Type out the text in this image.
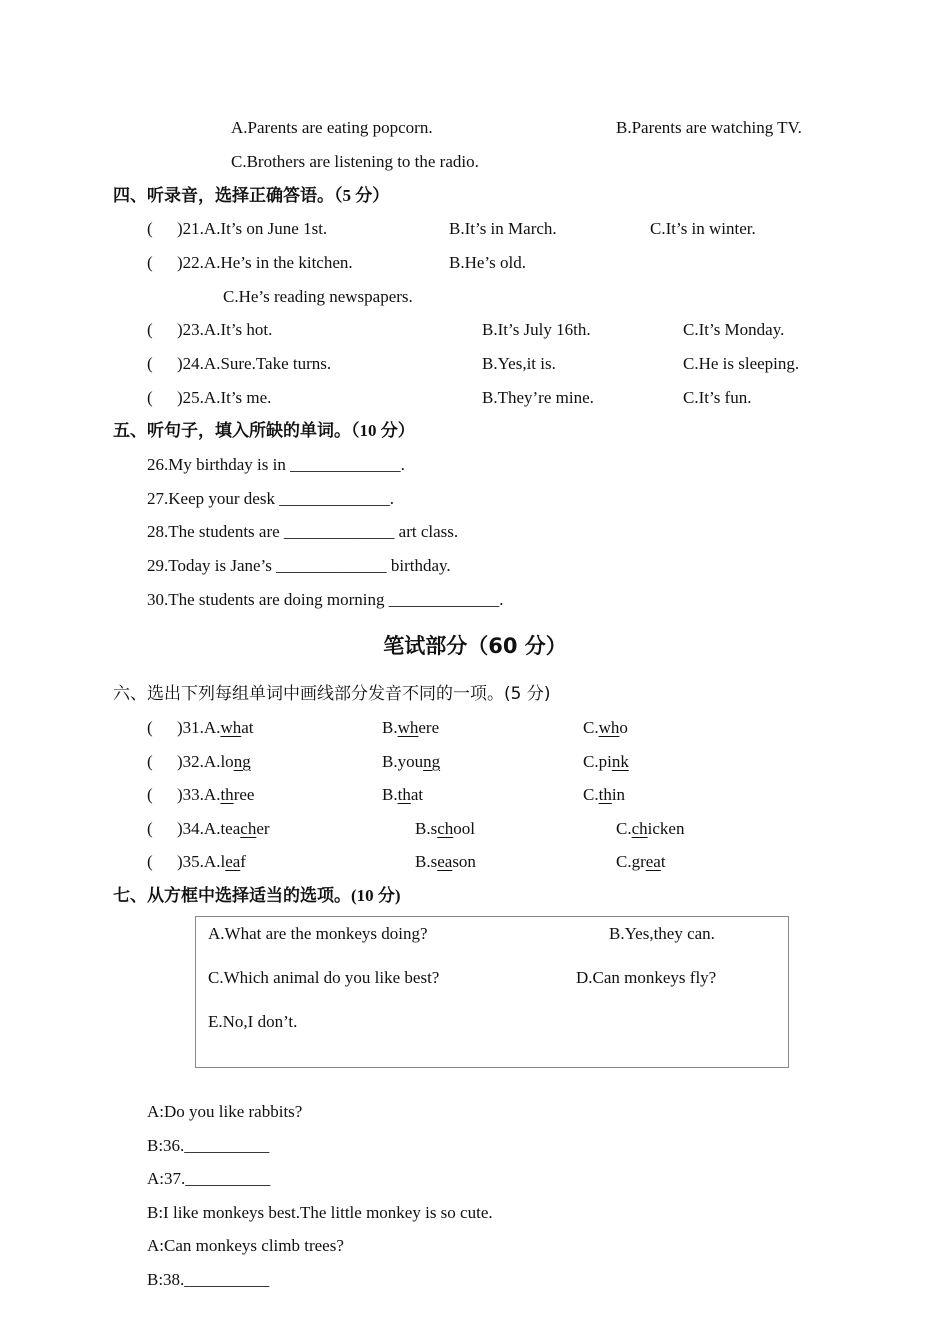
A.Parents are eating popcorn.	B.Parents are watching TV.
C.Brothers are listening to the radio.
四、听录音，选择正确答语。（5 分）
( )21.A.It’s on June 1st.	B.It’s in March.	C.It’s in winter.
( )22.A.He’s in the kitchen.	B.He’s old.
C.He’s reading newspapers.
( )23.A.It’s hot.	B.It’s July 16th.	C.It’s Monday.
( )24.A.Sure.Take turns.	B.Yes,it is.	C.He is sleeping.
( )25.A.It’s me.	B.They’re mine.	C.It’s fun.
五、听句子，填入所缺的单词。（10 分）
26.My birthday is in _____________.
27.Keep your desk _____________.
28.The students are _____________ art class.
29.Today is Jane’s _____________ birthday.
30.The students are doing morning _____________.
笔试部分（60 分）
六、选出下列每组单词中画线部分发音不同的一项。(5 分)
( )31.A.what	B.where	C.who
( )32.A.long	B.young	C.pink
( )33.A.three	B.that	C.thin
( )34.A.teacher	B.school	C.chicken
( )35.A.leaf	B.season	C.great
七、从方框中选择适当的选项。(10 分)
A.What are the monkeys doing?	B.Yes,they can.
C.Which animal do you like best?	D.Can monkeys fly?
E.No,I don’t.
A:Do you like rabbits?
B:36.__________
A:37.__________
B:I like monkeys best.The little monkey is so cute.
A:Can monkeys climb trees?
B:38.__________
